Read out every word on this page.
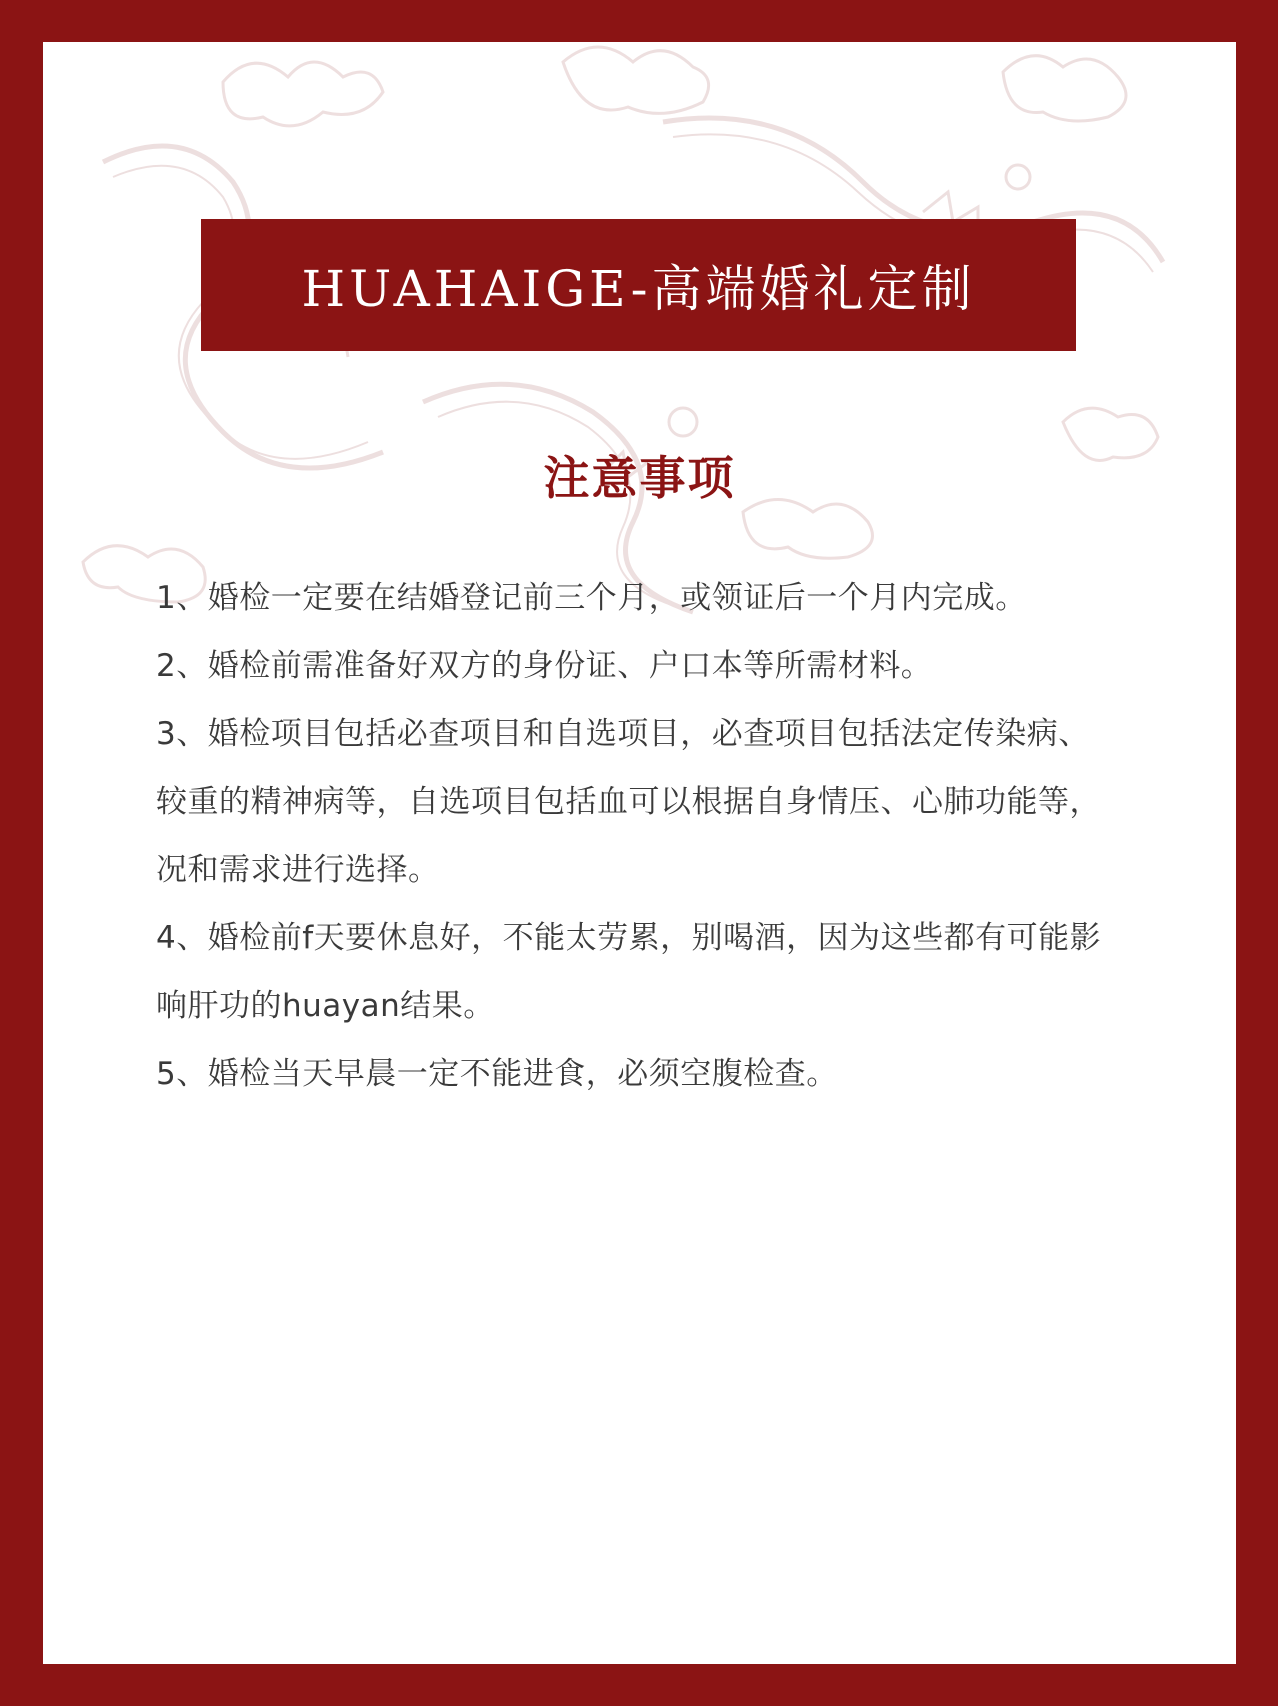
HUAHAIGE-高端婚礼定制
注意事项
1、婚检一定要在结婚登记前三个月，或领证后一个月内完成。
2、婚检前需准备好双方的身份证、户口本等所需材料。
3、婚检项目包括必查项目和自选项目，必查项目包括法定传染病、较重的精神病等，自选项目包括血可以根据自身情压、心肺功能等，况和需求进行选择。
4、婚检前f天要休息好，不能太劳累，别喝酒，因为这些都有可能影响肝功的huayan结果。
5、婚检当天早晨一定不能进食，必须空腹检查。
